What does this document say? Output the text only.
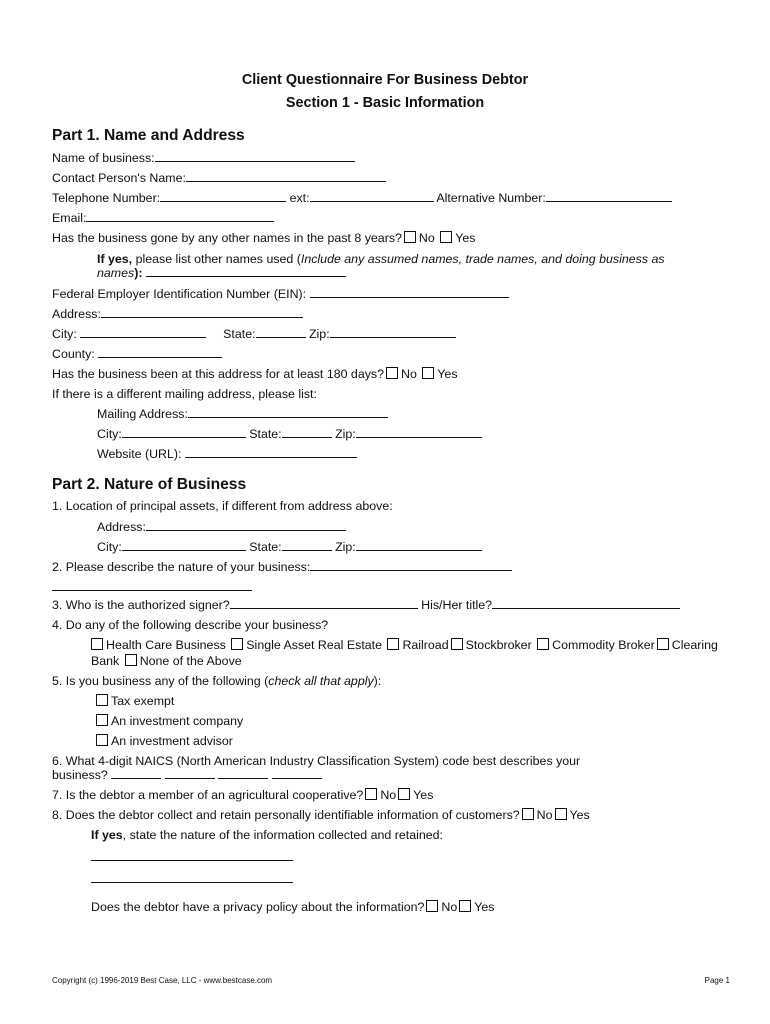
Client Questionnaire For Business Debtor
Section 1 - Basic Information
Part 1. Name and Address
Name of business:
Contact Person's Name:
Telephone Number:	ext:	Alternative Number:
Email:
Has the business gone by any other names in the past 8 years? No Yes
If yes, please list other names used (Include any assumed names, trade names, and doing business as
names):
Federal Employer Identification Number (EIN):
Address:
City:	State:	Zip:
County:
Has the business been at this address for at least 180 days? No Yes
If there is a different mailing address, please list:
Mailing Address:
City:	State:	Zip:
Website (URL):
Part 2. Nature of Business
1. Location of principal assets, if different from address above:
Address:
City:	State:	Zip:
2. Please describe the nature of your business:
3. Who is the authorized signer?	His/Her title?
4. Do any of the following describe your business?
Health Care Business Single Asset Real Estate Railroad Stockbroker Commodity Broker Clearing
Bank None of the Above
5. Is you business any of the following (check all that apply):
Tax exempt
An investment company
An investment advisor
6. What 4-digit NAICS (North American Industry Classification System) code best describes your
business?
7. Is the debtor a member of an agricultural cooperative? No Yes
8. Does the debtor collect and retain personally identifiable information of customers? No Yes
If yes, state the nature of the information collected and retained:
Does the debtor have a privacy policy about the information? No Yes
Copyright (c) 1996-2019 Best Case, LLC - www.bestcase.com	Page 1
